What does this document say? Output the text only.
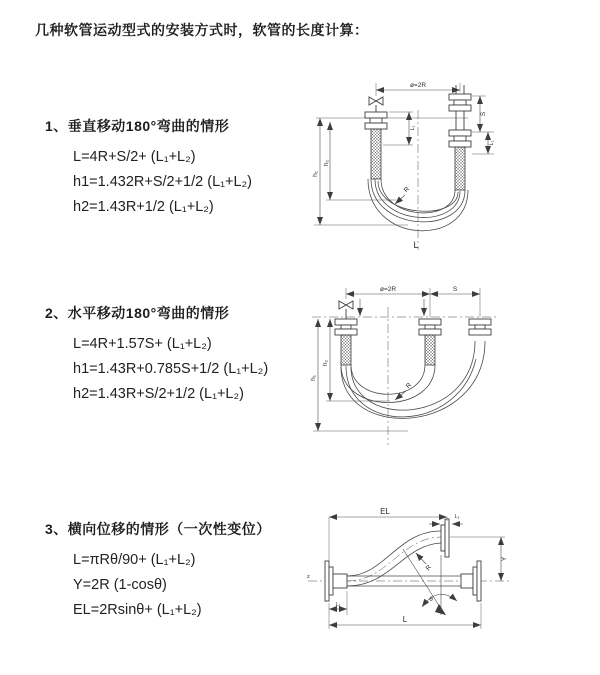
几种软管运动型式的安装方式时，软管的长度计算：
1、垂直移动180°弯曲的情形
L=4R+S/2+ (L₁+L₂)
h1=1.432R+S/2+1/2 (L₁+L₂)
h2=1.43R+1/2 (L₁+L₂)
2、水平移动180°弯曲的情形
L=4R+1.57S+ (L₁+L₂)
h1=1.43R+0.785S+1/2 (L₁+L₂)
h2=1.43R+S/2+1/2 (L₁+L₂)
3、横向位移的情形（一次性变位）
L=πRθ/90+ (L₁+L₂)
Y=2R (1-cosθ)
EL=2Rsinθ+ (L₁+L₂)
ø=2R
R
L
h₁
h₂
L₁
S
L₁
ø=2R	S
h₁
h₂
R
z
EL
L₁
Y
θ
R
L
L₁
